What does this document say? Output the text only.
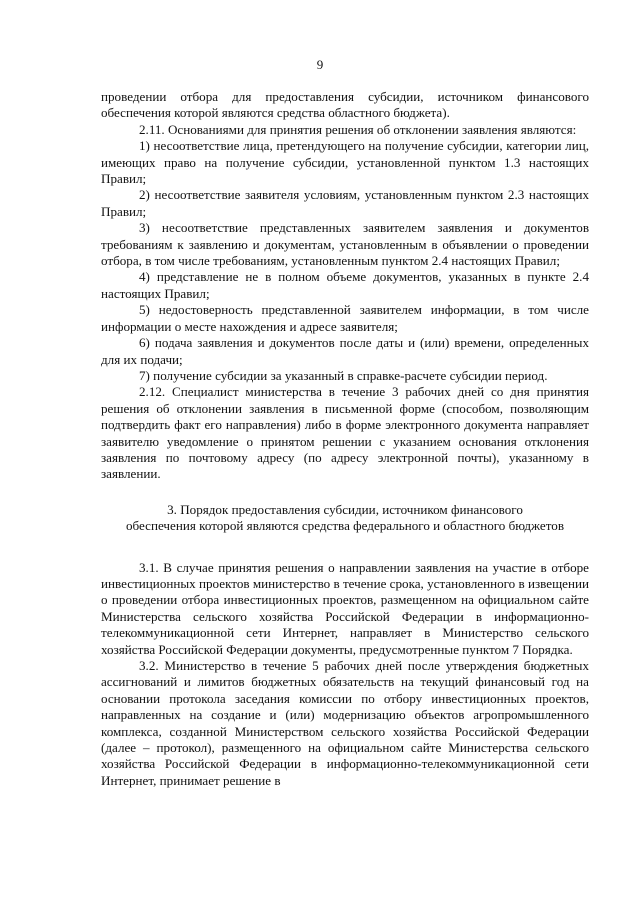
9

проведении отбора для предоставления субсидии, источником финансового обеспечения которой являются средства областного бюджета).

2.11. Основаниями для принятия решения об отклонении заявления являются:

1) несоответствие лица, претендующего на получение субсидии, категории лиц, имеющих право на получение субсидии, установленной пунктом 1.3 настоящих Правил;

2) несоответствие заявителя условиям, установленным пунктом 2.3 настоящих Правил;

3) несоответствие представленных заявителем заявления и документов требованиям к заявлению и документам, установленным в объявлении о проведении отбора, в том числе требованиям, установленным пунктом 2.4 настоящих Правил;

4) представление не в полном объеме документов, указанных в пункте 2.4 настоящих Правил;

5) недостоверность представленной заявителем информации, в том числе информации о месте нахождения и адресе заявителя;

6) подача заявления и документов после даты и (или) времени, определенных для их подачи;

7) получение субсидии за указанный в справке-расчете субсидии период.

2.12. Специалист министерства в течение 3 рабочих дней со дня принятия решения об отклонении заявления в письменной форме (способом, позволяющим подтвердить факт его направления) либо в форме электронного документа направляет заявителю уведомление о принятом решении с указанием основания отклонения заявления по почтовому адресу (по адресу электронной почты), указанному в заявлении.

3. Порядок предоставления субсидии, источником финансового
обеспечения которой являются средства федерального и областного бюджетов

3.1. В случае принятия решения о направлении заявления на участие в отборе инвестиционных проектов министерство в течение срока, установленного в извещении о проведении отбора инвестиционных проектов, размещенном на официальном сайте Министерства сельского хозяйства Российской Федерации в информационно-телекоммуникационной сети Интернет, направляет в Министерство сельского хозяйства Российской Федерации документы, предусмотренные пунктом 7 Порядка.

3.2. Министерство в течение 5 рабочих дней после утверждения бюджетных ассигнований и лимитов бюджетных обязательств на текущий финансовый год на основании протокола заседания комиссии по отбору инвестиционных проектов, направленных на создание и (или) модернизацию объектов агропромышленного комплекса, созданной Министерством сельского хозяйства Российской Федерации (далее – протокол), размещенного на официальном сайте Министерства сельского хозяйства Российской Федерации в информационно-телекоммуникационной сети Интернет, принимает решение в
